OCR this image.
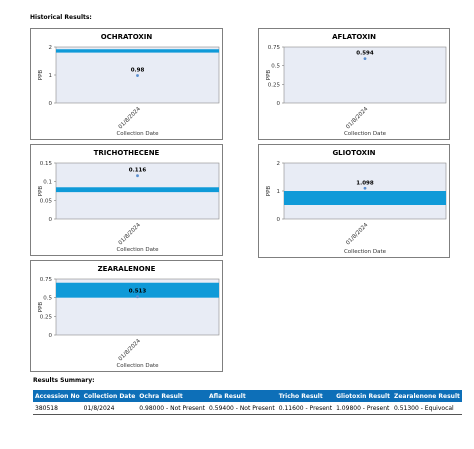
Historical Results:
OCHRATOXIN
0
1
2
PPB
01/8/2024
Collection Date
0.98
AFLATOXIN
0
0.25
0.5
0.75
PPB
01/8/2024
Collection Date
0.594
TRICHOTHECENE
0
0.05
0.1
0.15
PPB
01/8/2024
Collection Date
0.116
GLIOTOXIN
0
1
2
PPB
01/8/2024
Collection Date
1.098
ZEARALENONE
0
0.25
0.5
0.75
PPB
01/8/2024
Collection Date
0.513
Results Summary:
Accession No	Collection Date	Ochra Result	Afla Result	Tricho Result	Gliotoxin Result	Zearalenone Result
380518	01/8/2024	0.98000 - Not Present	0.59400 - Not Present	0.11600 - Present	1.09800 - Present	0.51300 - Equivocal
